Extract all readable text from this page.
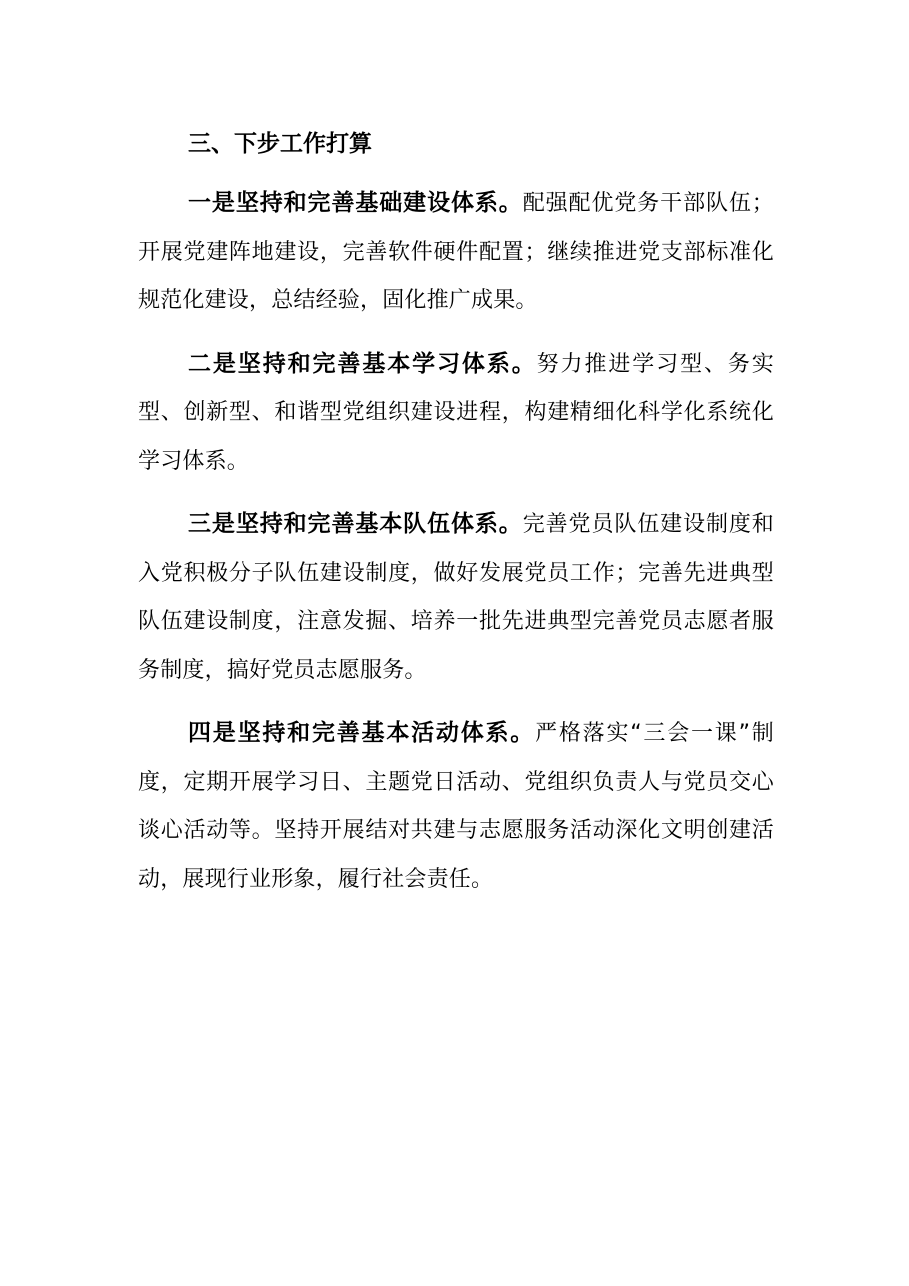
三、下步工作打算

一是坚持和完善基础建设体系。配强配优党务干部队伍；开展党建阵地建设，完善软件硬件配置；继续推进党支部标准化规范化建设，总结经验，固化推广成果。

二是坚持和完善基本学习体系。努力推进学习型、务实型、创新型、和谐型党组织建设进程，构建精细化科学化系统化学习体系。

三是坚持和完善基本队伍体系。完善党员队伍建设制度和入党积极分子队伍建设制度，做好发展党员工作；完善先进典型队伍建设制度，注意发掘、培养一批先进典型完善党员志愿者服务制度，搞好党员志愿服务。

四是坚持和完善基本活动体系。严格落实“三会一课”制度，定期开展学习日、主题党日活动、党组织负责人与党员交心谈心活动等。坚持开展结对共建与志愿服务活动深化文明创建活动，展现行业形象，履行社会责任。
